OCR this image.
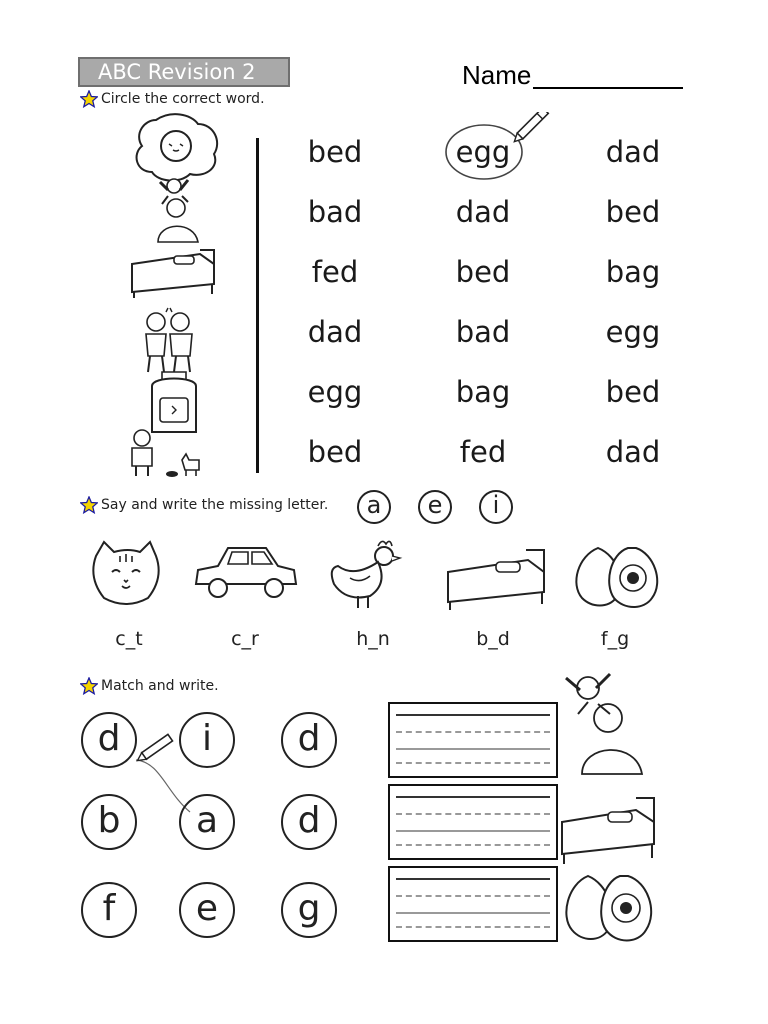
ABC Revision 2	Name
Circle the correct word.
bed	egg	dad
bad	dad	bed
fed	bed	bag
dad	bad	egg
egg	bag	bed
bed	fed	dad
Say and write the missing letter.	a	e	i
c_t	c_r	h_n	b_d	f_g
Match and write.
d	i	d
b	a	d
f	e	g
